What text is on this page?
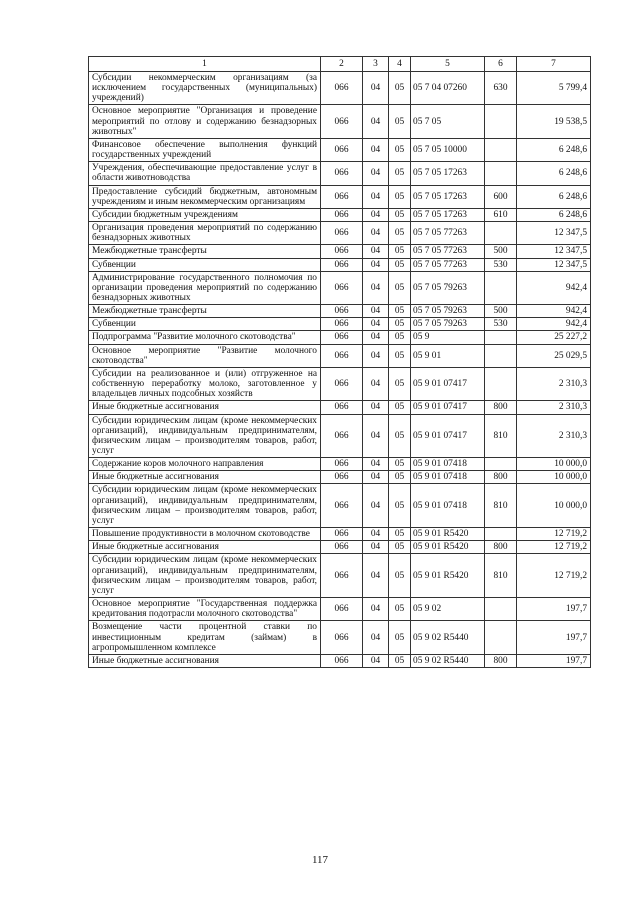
1	2	3	4	5	6	7
Субсидии некоммерческим организациям (за исключением государственных (муниципальных) учреждений)	066	04	05	05 7 04 07260	630	5 799,4
Основное мероприятие "Организация и проведение мероприятий по отлову и содержанию безнадзорных животных"	066	04	05	05 7 05		19 538,5
Финансовое обеспечение выполнения функций государственных учреждений	066	04	05	05 7 05 10000		6 248,6
Учреждения, обеспечивающие предоставление услуг в области животноводства	066	04	05	05 7 05 17263		6 248,6
Предоставление субсидий бюджетным, автономным учреждениям и иным некоммерческим организациям	066	04	05	05 7 05 17263	600	6 248,6
Субсидии бюджетным учреждениям	066	04	05	05 7 05 17263	610	6 248,6
Организация проведения мероприятий по содержанию безнадзорных животных	066	04	05	05 7 05 77263		12 347,5
Межбюджетные трансферты	066	04	05	05 7 05 77263	500	12 347,5
Субвенции	066	04	05	05 7 05 77263	530	12 347,5
Администрирование государственного полномочия по организации проведения мероприятий по содержанию безнадзорных животных	066	04	05	05 7 05 79263		942,4
Межбюджетные трансферты	066	04	05	05 7 05 79263	500	942,4
Субвенции	066	04	05	05 7 05 79263	530	942,4
Подпрограмма "Развитие молочного скотоводства"	066	04	05	05 9		25 227,2
Основное мероприятие "Развитие молочного скотоводства"	066	04	05	05 9 01		25 029,5
Субсидии на реализованное и (или) отгруженное на собственную переработку молоко, заготовленное у владельцев личных подсобных хозяйств	066	04	05	05 9 01 07417		2 310,3
Иные бюджетные ассигнования	066	04	05	05 9 01 07417	800	2 310,3
Субсидии юридическим лицам (кроме некоммерческих организаций), индивидуальным предпринимателям, физическим лицам – производителям товаров, работ, услуг	066	04	05	05 9 01 07417	810	2 310,3
Содержание коров молочного направления	066	04	05	05 9 01 07418		10 000,0
Иные бюджетные ассигнования	066	04	05	05 9 01 07418	800	10 000,0
Субсидии юридическим лицам (кроме некоммерческих организаций), индивидуальным предпринимателям, физическим лицам – производителям товаров, работ, услуг	066	04	05	05 9 01 07418	810	10 000,0
Повышение продуктивности в молочном скотоводстве	066	04	05	05 9 01 R5420		12 719,2
Иные бюджетные ассигнования	066	04	05	05 9 01 R5420	800	12 719,2
Субсидии юридическим лицам (кроме некоммерческих организаций), индивидуальным предпринимателям, физическим лицам – производителям товаров, работ, услуг	066	04	05	05 9 01 R5420	810	12 719,2
Основное мероприятие "Государственная поддержка кредитования подотрасли молочного скотоводства"	066	04	05	05 9 02		197,7
Возмещение части процентной ставки по инвестиционным кредитам (займам) в агропромышленном комплексе	066	04	05	05 9 02 R5440		197,7
Иные бюджетные ассигнования	066	04	05	05 9 02 R5440	800	197,7
117
